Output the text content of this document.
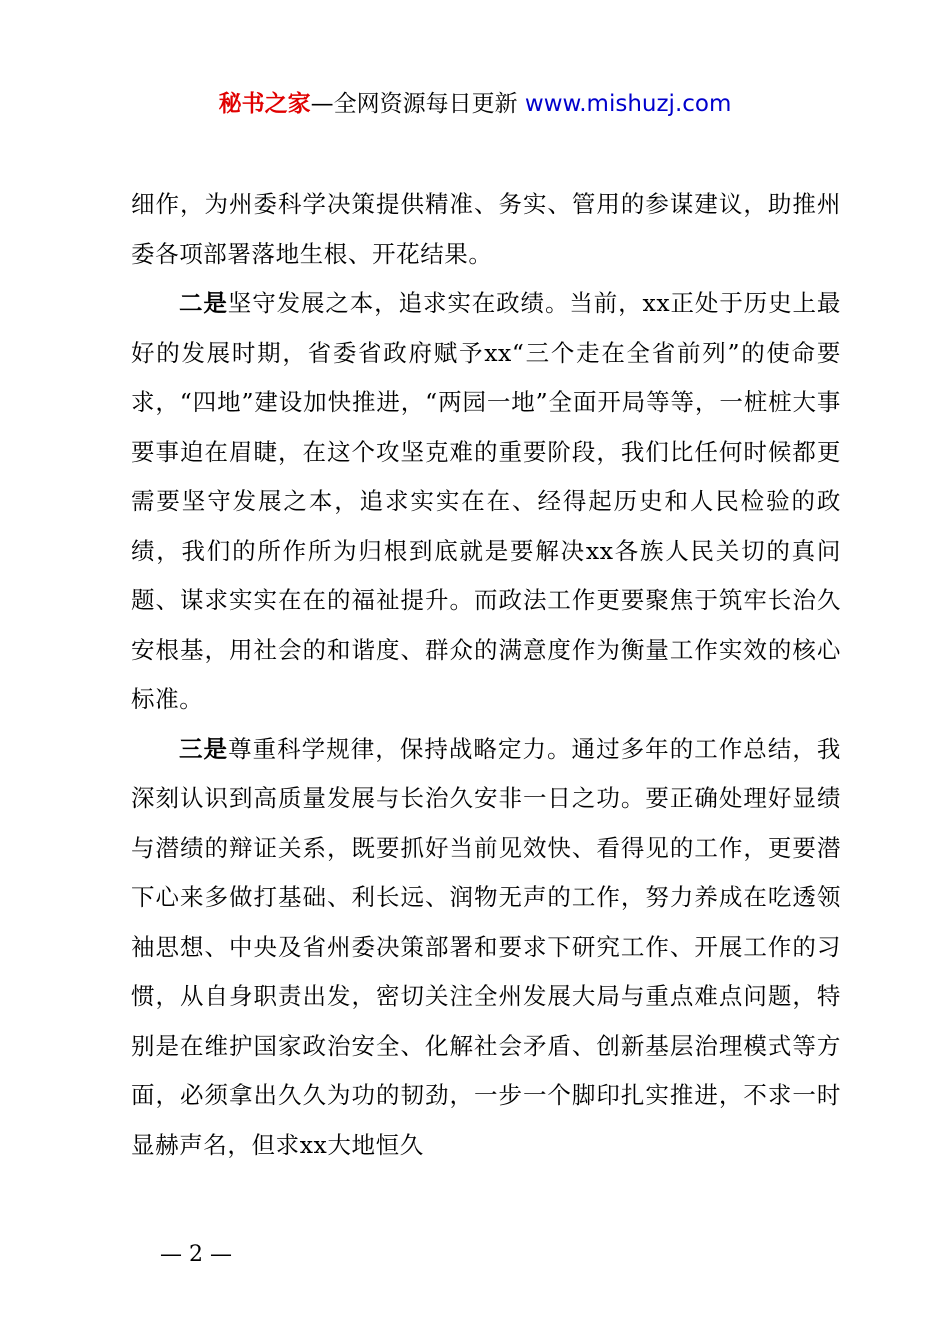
秘书之家—全网资源每日更新 www.mishuzj.com

细作，为州委科学决策提供精准、务实、管用的参谋建议，助推州委各项部署落地生根、开花结果。

二是坚守发展之本，追求实在政绩。当前，xx正处于历史上最好的发展时期，省委省政府赋予xx“三个走在全省前列”的使命要求，“四地”建设加快推进，“两园一地”全面开局等等，一桩桩大事要事迫在眉睫，在这个攻坚克难的重要阶段，我们比任何时候都更需要坚守发展之本，追求实实在在、经得起历史和人民检验的政绩，我们的所作所为归根到底就是要解决xx各族人民关切的真问题、谋求实实在在的福祉提升。而政法工作更要聚焦于筑牢长治久安根基，用社会的和谐度、群众的满意度作为衡量工作实效的核心标准。

三是尊重科学规律，保持战略定力。通过多年的工作总结，我深刻认识到高质量发展与长治久安非一日之功。要正确处理好显绩与潜绩的辩证关系，既要抓好当前见效快、看得见的工作，更要潜下心来多做打基础、利长远、润物无声的工作，努力养成在吃透领袖思想、中央及省州委决策部署和要求下研究工作、开展工作的习惯，从自身职责出发，密切关注全州发展大局与重点难点问题，特别是在维护国家政治安全、化解社会矛盾、创新基层治理模式等方面，必须拿出久久为功的韧劲，一步一个脚印扎实推进，不求一时显赫声名，但求xx大地恒久

— 2 —
